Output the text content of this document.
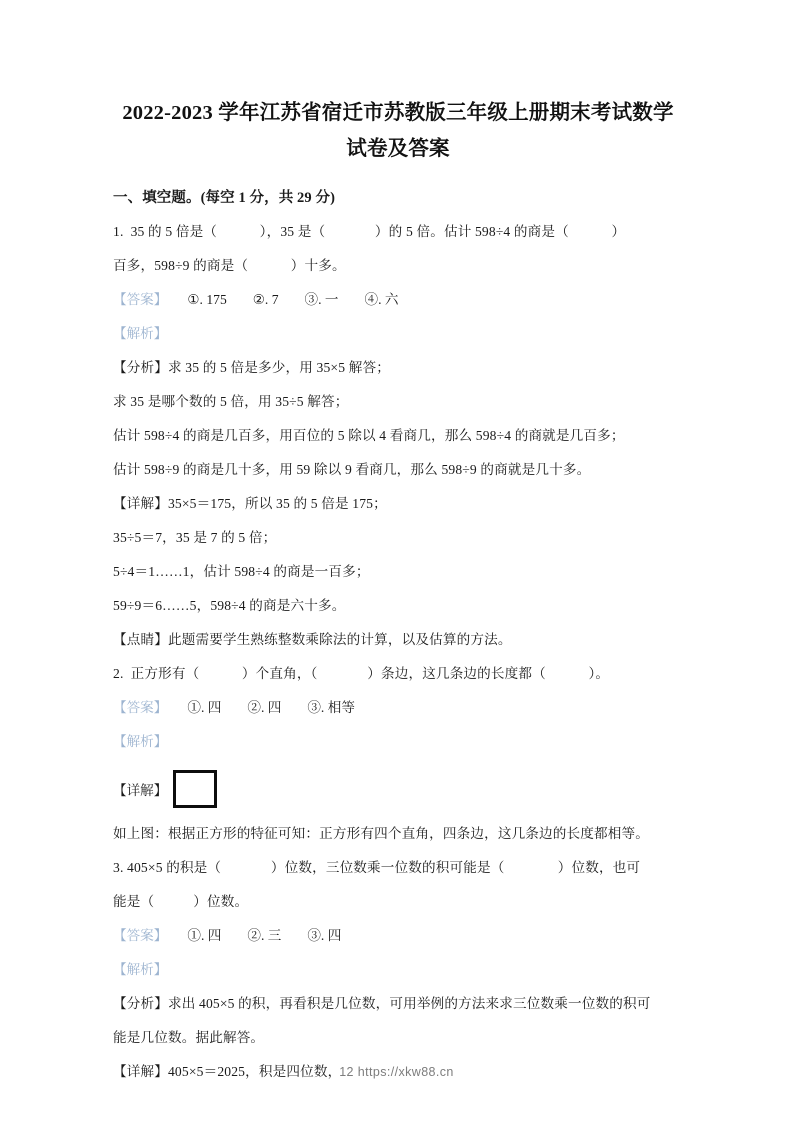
2022-2023 学年江苏省宿迁市苏教版三年级上册期末考试数学试卷及答案

一、填空题。(每空 1 分，共 29 分)

1.  35 的 5 倍是（            ），35 是（              ）的 5 倍。估计 598÷4 的商是（            ）

百多，598÷9 的商是（            ）十多。

【答案】 ①. 175 ②. 7 ③. 一 ④. 六

【解析】

【分析】求 35 的 5 倍是多少，用 35×5 解答；

求 35 是哪个数的 5 倍，用 35÷5 解答；

估计 598÷4 的商是几百多，用百位的 5 除以 4 看商几，那么 598÷4 的商就是几百多；

估计 598÷9 的商是几十多，用 59 除以 9 看商几，那么 598÷9 的商就是几十多。

【详解】35×5＝175，所以 35 的 5 倍是 175；

35÷5＝7，35 是 7 的 5 倍；

5÷4＝1……1，估计 598÷4 的商是一百多；

59÷9＝6……5，598÷4 的商是六十多。

【点睛】此题需要学生熟练整数乘除法的计算，以及估算的方法。

2.  正方形有（            ）个直角，（              ）条边，这几条边的长度都（            ）。

【答案】 ①. 四 ②. 四 ③. 相等

【解析】

【详解】

如上图：根据正方形的特征可知：正方形有四个直角，四条边，这几条边的长度都相等。

3. 405×5 的积是（              ）位数，三位数乘一位数的积可能是（               ）位数，也可

能是（           ）位数。

【答案】 ①. 四 ②. 三 ③. 四

【解析】

【分析】求出 405×5 的积，再看积是几位数，可用举例的方法来求三位数乘一位数的积可

能是几位数。据此解答。

【详解】405×5＝2025，积是四位数，

12 https://xkw88.cn
